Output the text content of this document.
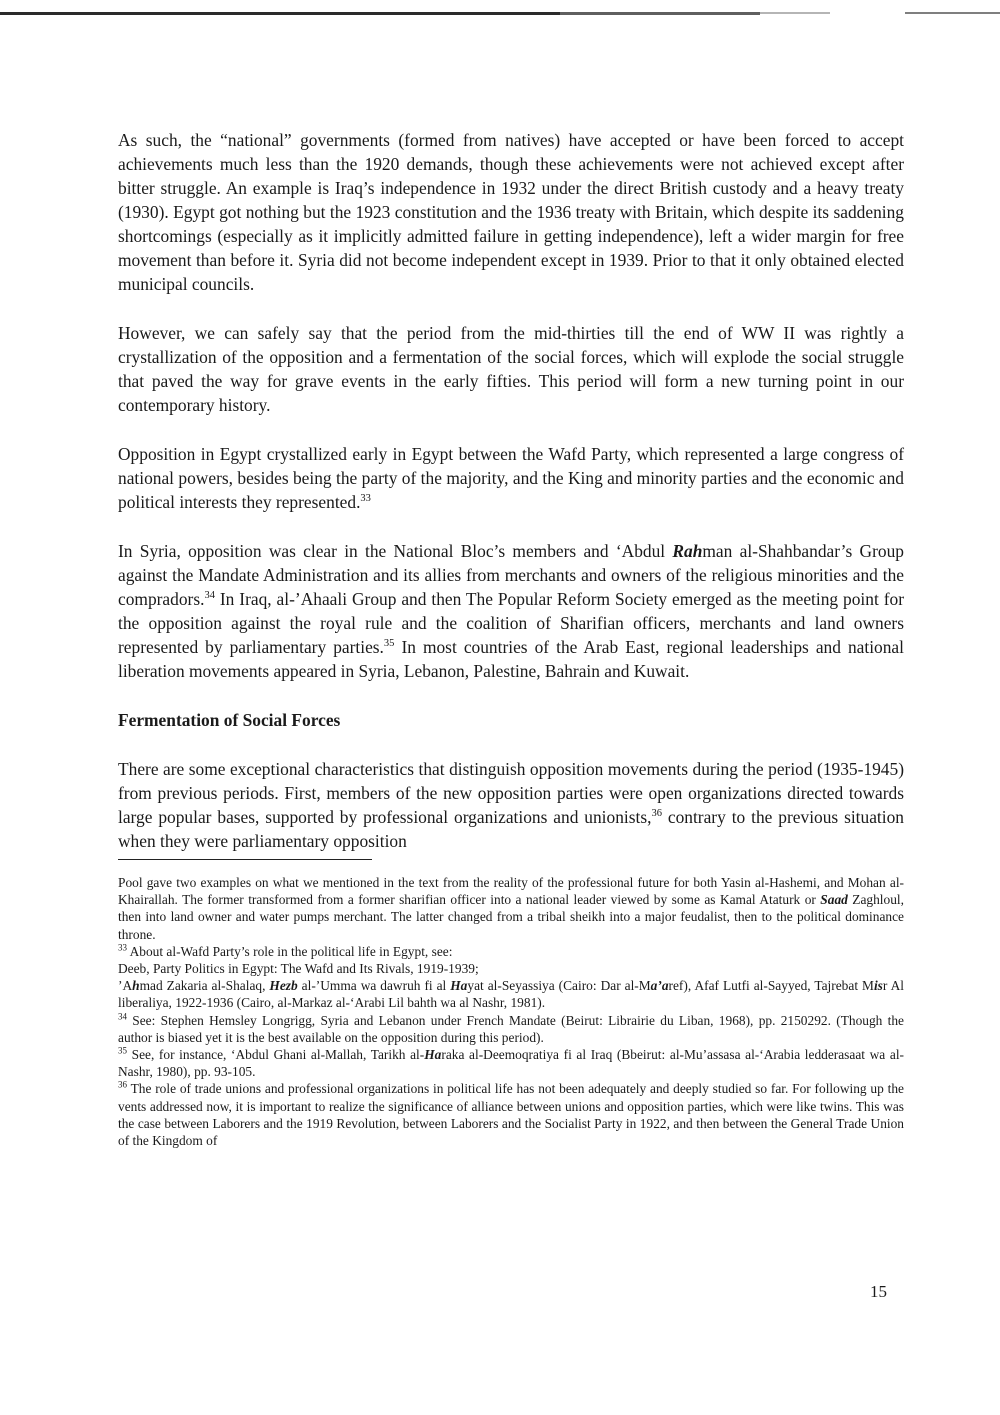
As such, the “national” governments (formed from natives) have accepted or have been forced to accept achievements much less than the 1920 demands, though these achievements were not achieved except after bitter struggle. An example is Iraq’s independence in 1932 under the direct British custody and a heavy treaty (1930). Egypt got nothing but the 1923 constitution and the 1936 treaty with Britain, which despite its saddening shortcomings (especially as it implicitly admitted failure in getting independence), left a wider margin for free movement than before it. Syria did not become independent except in 1939. Prior to that it only obtained elected municipal councils.

However, we can safely say that the period from the mid-thirties till the end of WW II was rightly a crystallization of the opposition and a fermentation of the social forces, which will explode the social struggle that paved the way for grave events in the early fifties. This period will form a new turning point in our contemporary history.

Opposition in Egypt crystallized early in Egypt between the Wafd Party, which represented a large congress of national powers, besides being the party of the majority, and the King and minority parties and the economic and political interests they represented.$^{33}$

In Syria, opposition was clear in the National Bloc’s members and ‘Abdul Rahman al-Shahbandar’s Group against the Mandate Administration and its allies from merchants and owners of the religious minorities and the compradors.$^{34}$ In Iraq, al-’Ahaali Group and then The Popular Reform Society emerged as the meeting point for the opposition against the royal rule and the coalition of Sharifian officers, merchants and land owners represented by parliamentary parties.$^{35}$ In most countries of the Arab East, regional leaderships and national liberation movements appeared in Syria, Lebanon, Palestine, Bahrain and Kuwait.

Fermentation of Social Forces

There are some exceptional characteristics that distinguish opposition movements during the period (1935-1945) from previous periods. First, members of the new opposition parties were open organizations directed towards large popular bases, supported by professional organizations and unionists,$^{36}$ contrary to the previous situation when they were parliamentary opposition

Pool gave two examples on what we mentioned in the text from the reality of the professional future for both Yasin al-Hashemi, and Mohan al-Khairallah. The former transformed from a former sharifian officer into a national leader viewed by some as Kamal Ataturk or Saad Zaghloul, then into land owner and water pumps merchant. The latter changed from a tribal sheikh into a major feudalist, then to the political dominance throne.
$^{33}$ About al-Wafd Party’s role in the political life in Egypt, see:
Deeb, Party Politics in Egypt: The Wafd and Its Rivals, 1919-1939;
’Ahmad Zakaria al-Shalaq, Hezb al-’Umma wa dawruh fi al Hayat al-Seyassiya (Cairo: Dar al-Ma’aref), Afaf Lutfi al-Sayyed, Tajrebat Misr Al liberaliya, 1922-1936 (Cairo, al-Markaz al-‘Arabi Lil bahth wa al Nashr, 1981).
$^{34}$ See: Stephen Hemsley Longrigg, Syria and Lebanon under French Mandate (Beirut: Librairie du Liban, 1968), pp. 2150292. (Though the author is biased yet it is the best available on the opposition during this period).
$^{35}$ See, for instance, ‘Abdul Ghani al-Mallah, Tarikh al-Haraka al-Deemoqratiya fi al Iraq (Bbeirut: al-Mu’assasa al-‘Arabia ledderasaat wa al-Nashr, 1980), pp. 93-105.
$^{36}$ The role of trade unions and professional organizations in political life has not been adequately and deeply studied so far. For following up the vents addressed now, it is important to realize the significance of alliance between unions and opposition parties, which were like twins. This was the case between Laborers and the 1919 Revolution, between Laborers and the Socialist Party in 1922, and then between the General Trade Union of the Kingdom of
15
